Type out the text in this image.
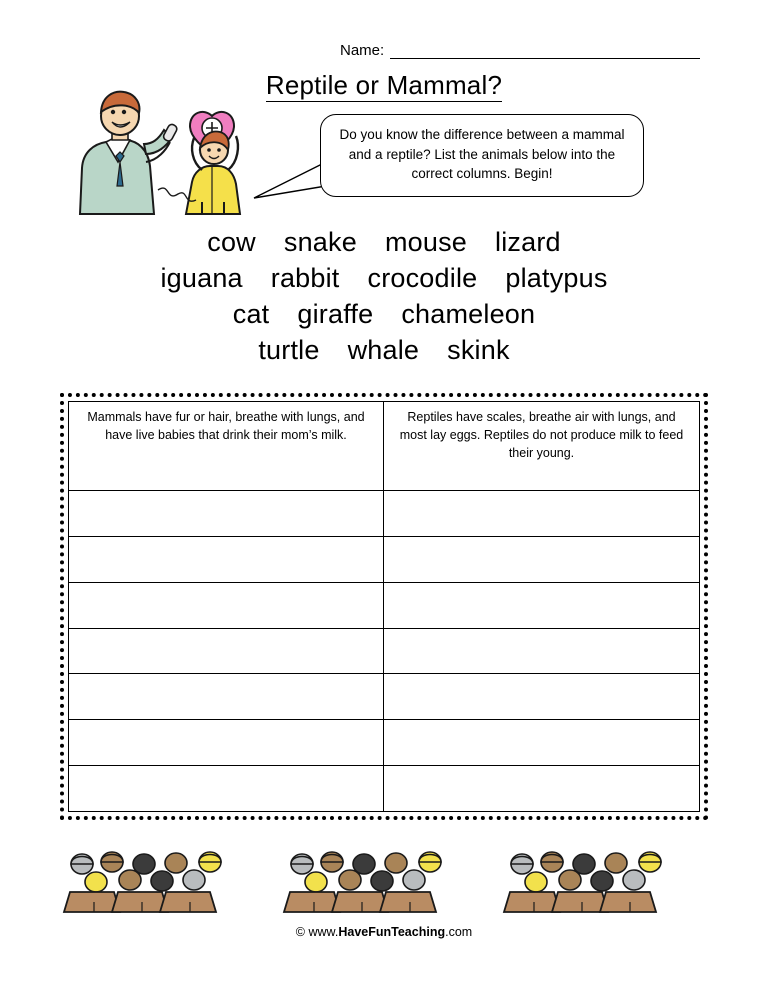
Name:
Reptile or Mammal?
Do you know the difference between a mammal and a reptile? List the animals below into the correct columns. Begin!
cow snake mouse lizard
iguana rabbit crocodile platypus
cat giraffe chameleon
turtle whale skink
Mammals have fur or hair, breathe with lungs, and have live babies that drink their mom’s milk.
Reptiles have scales, breathe air with lungs, and most lay eggs. Reptiles do not produce milk to feed their young.
© www.HaveFunTeaching.com
